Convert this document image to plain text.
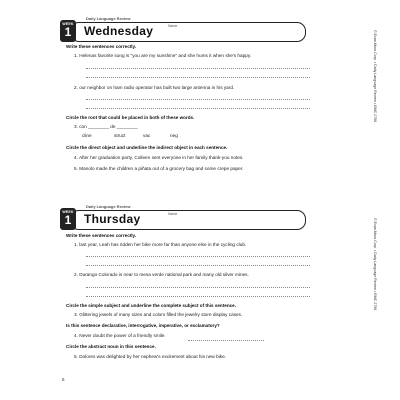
Daily Language Review
WEEK
1	Wednesday	Name
Write these sentences correctly.
1. Helenas favorite song is "you are my sunshine" and she hums it when she's happy.
2. our neighbor on ham radio operator has built two large antenna in his yard.
Circle the root that could be placed in both of these words.
3. con ________ de ________
cline	struct	vac	neg
Circle the direct object and underline the indirect object in each sentence.
4. After her graduation party, Colleen sent everyone in her family thank-you notes.
5. Manolo made the children a piñata out of a grocery bag and some crepe paper.
Daily Language Review
WEEK
1	Thursday	Name
Write these sentences correctly.
1. last year, Leah has ridden her bike more far than anyone else in the cycling club.
2. Durango Colorado is near to mesa verde national park and many old silver mines.
Circle the simple subject and underline the complete subject of this sentence.
3. Glittering jewels of many sizes and colors filled the jewelry store display cases.
Is this sentence declarative, interrogative, imperative, or exclamatory?
4. Never doubt the power of a friendly smile.
Circle the abstract noun in this sentence.
5. Dolores was delighted by her nephew's excitement about his new bike.
© Evan-Moor Corp. • Daily Language Review • EMC 2798
© Evan-Moor Corp. • Daily Language Review • EMC 2798
6
